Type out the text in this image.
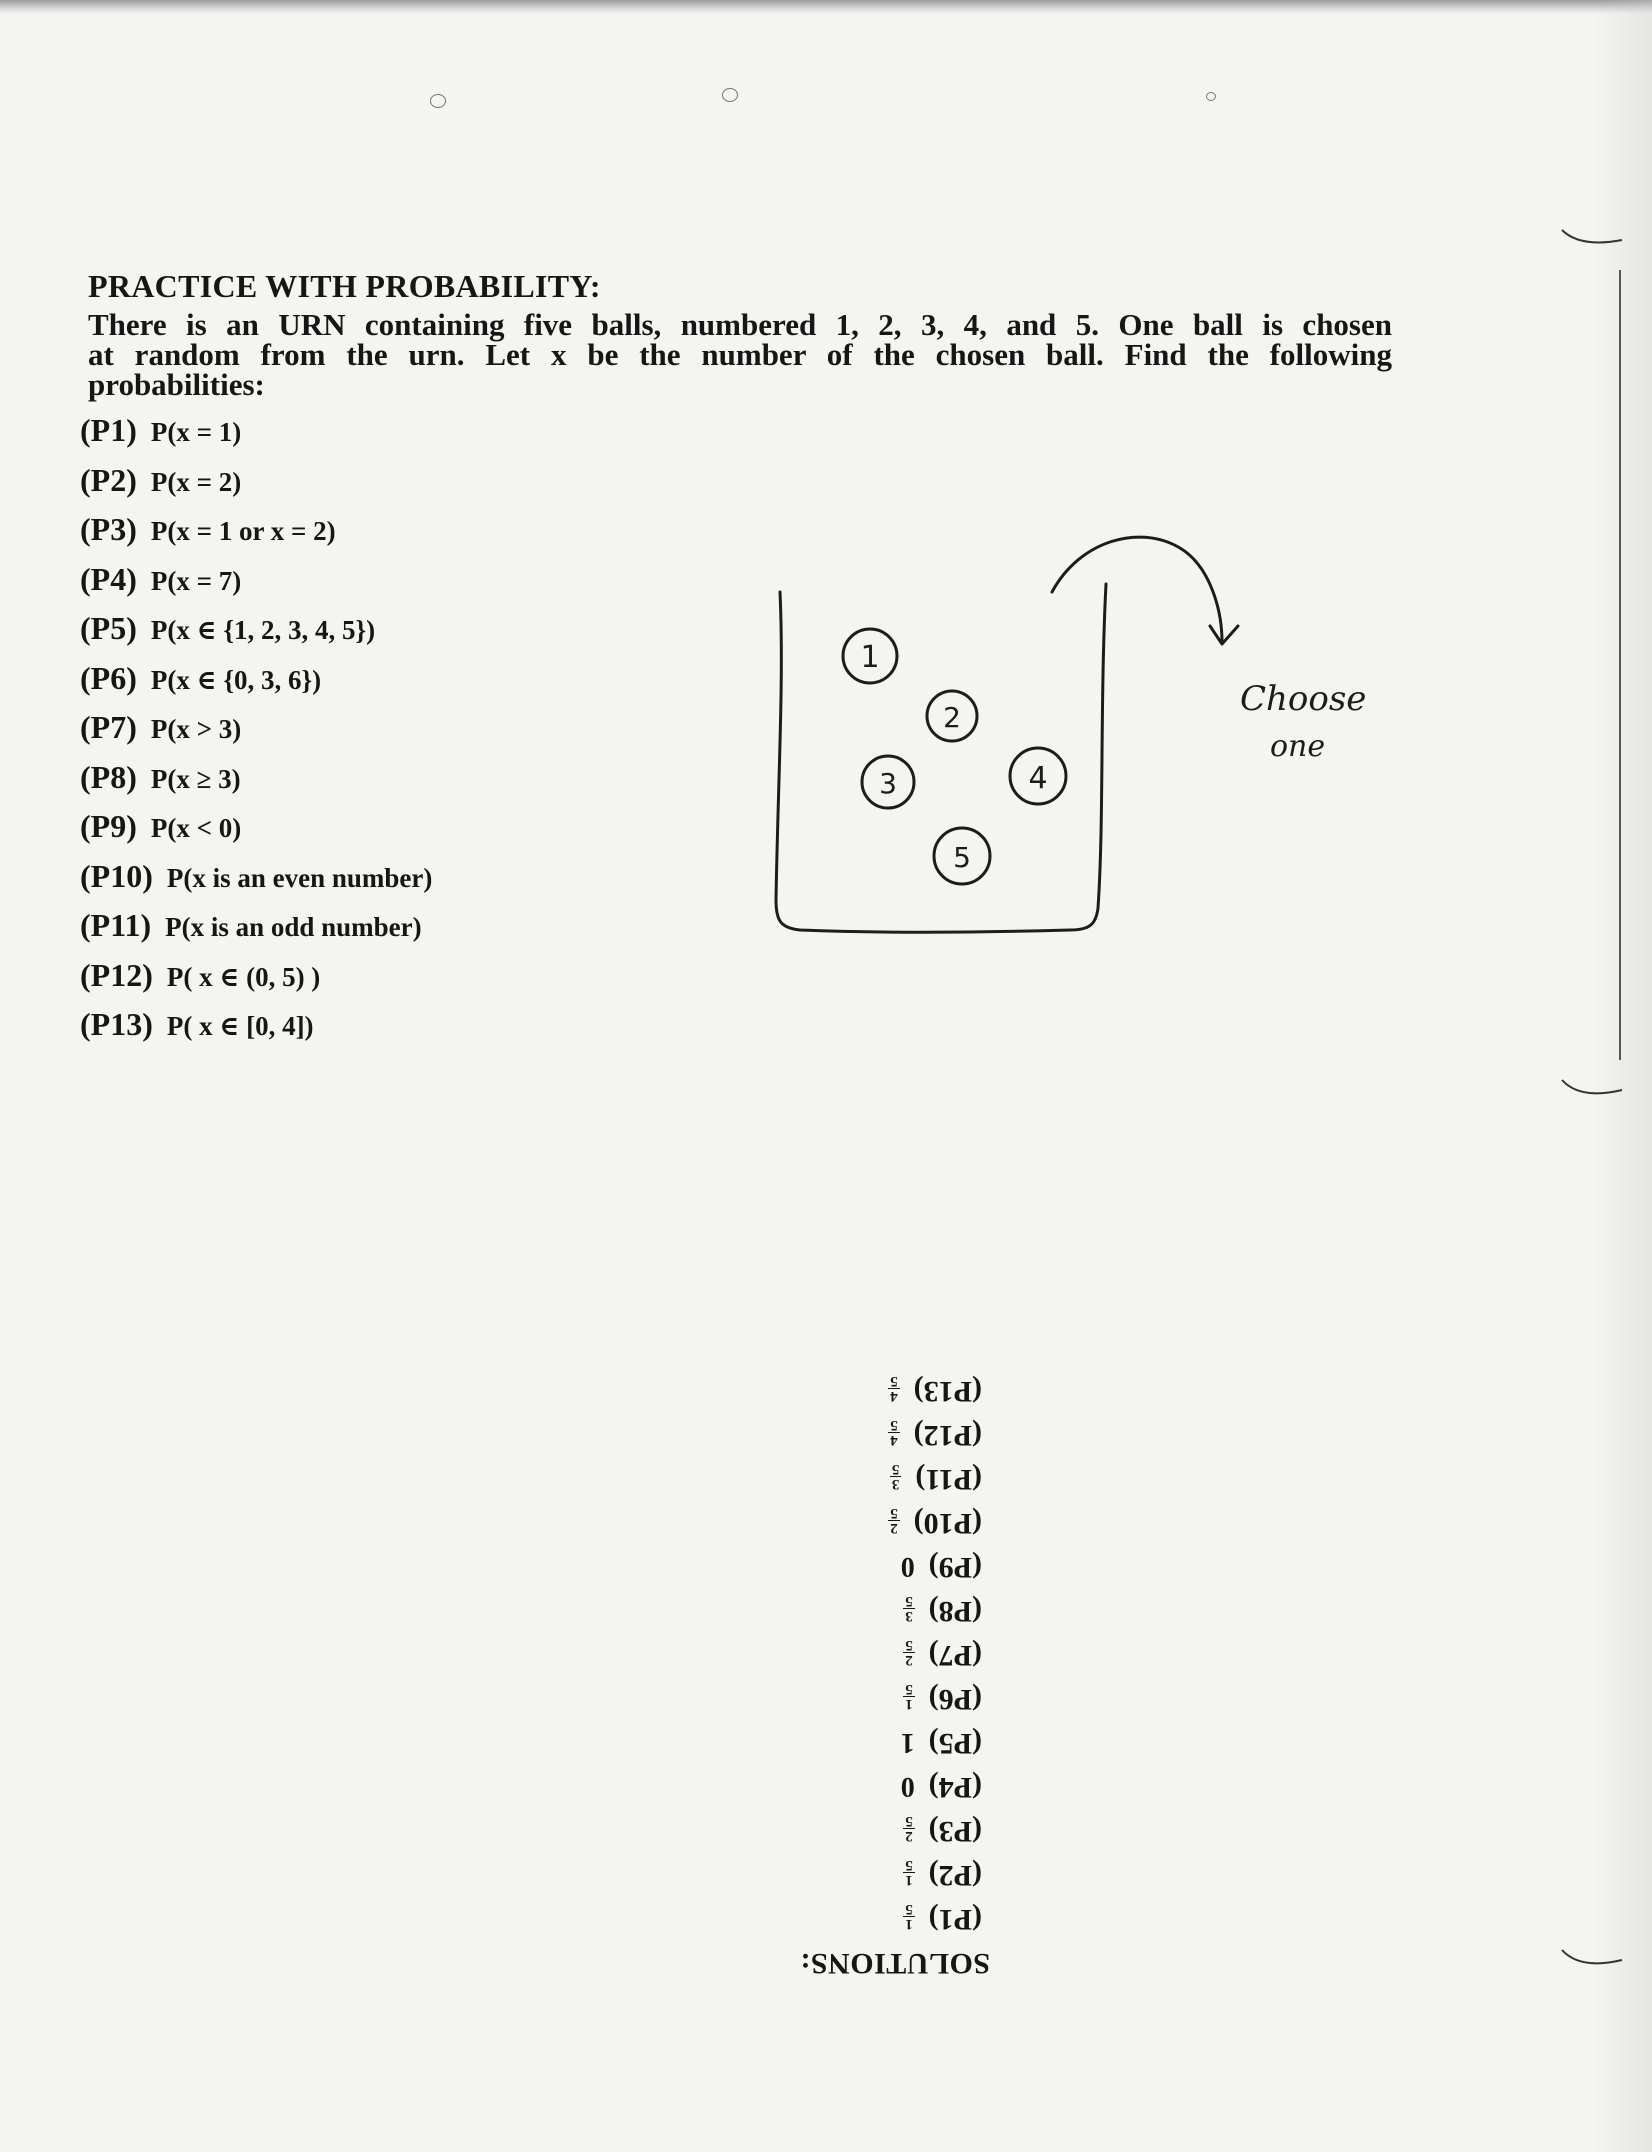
PRACTICE WITH PROBABILITY:
There is an URN containing five balls, numbered 1, 2, 3, 4, and 5. One ball is chosen
at random from the urn. Let x be the number of the chosen ball. Find the following
probabilities:
(P1) P(x = 1)
(P2) P(x = 2)
(P3) P(x = 1 or x = 2)
(P4) P(x = 7)
(P5) P(x ∈ {1, 2, 3, 4, 5})
(P6) P(x ∈ {0, 3, 6})
(P7) P(x > 3)
(P8) P(x ≥ 3)
(P9) P(x < 0)
(P10) P(x is an even number)
(P11) P(x is an odd number)
(P12) P( x ∈ (0, 5) )
(P13) P( x ∈ [0, 4])
1
2
3	4
5
Choose
one
SOLUTIONS:
(P1)
1
5
(P2)
1
5
(P3)
2
5
(P4)0
(P5)1
(P6)
1
5
(P7)
2
5
(P8)
3
5
(P9)0
(P10)
2
5
(P11)
3
5
(P12)
4
5
(P13)
4
5
